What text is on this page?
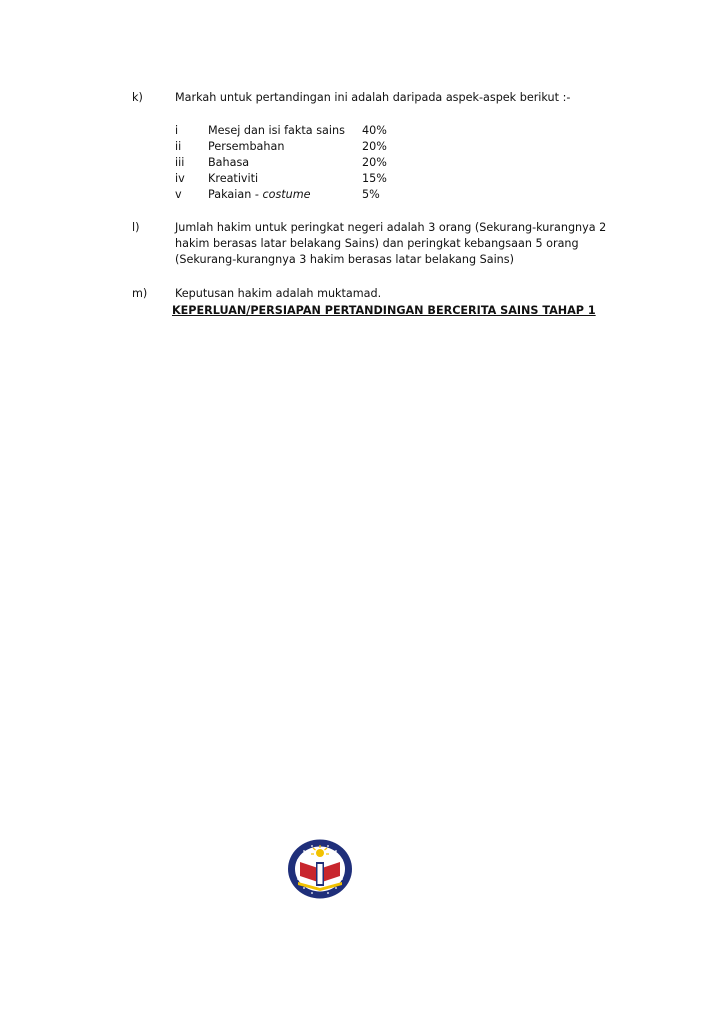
k)	Markah untuk pertandingan ini adalah daripada aspek-aspek berikut :-
i	Mesej dan isi fakta sains 40%
ii Persembahan	20%
iii Bahasa	20%
iv Kreativiti	15%
v Pakaian - costume	5%
l)	Jumlah hakim untuk peringkat negeri adalah 3 orang (Sekurang-kurangnya 2
hakim berasas latar belakang Sains) dan peringkat kebangsaan 5 orang
(Sekurang-kurangnya 3 hakim berasas latar belakang Sains)
m) Keputusan hakim adalah muktamad.
KEPERLUAN/PERSIAPAN PERTANDINGAN BERCERITA SAINS TAHAP 1
